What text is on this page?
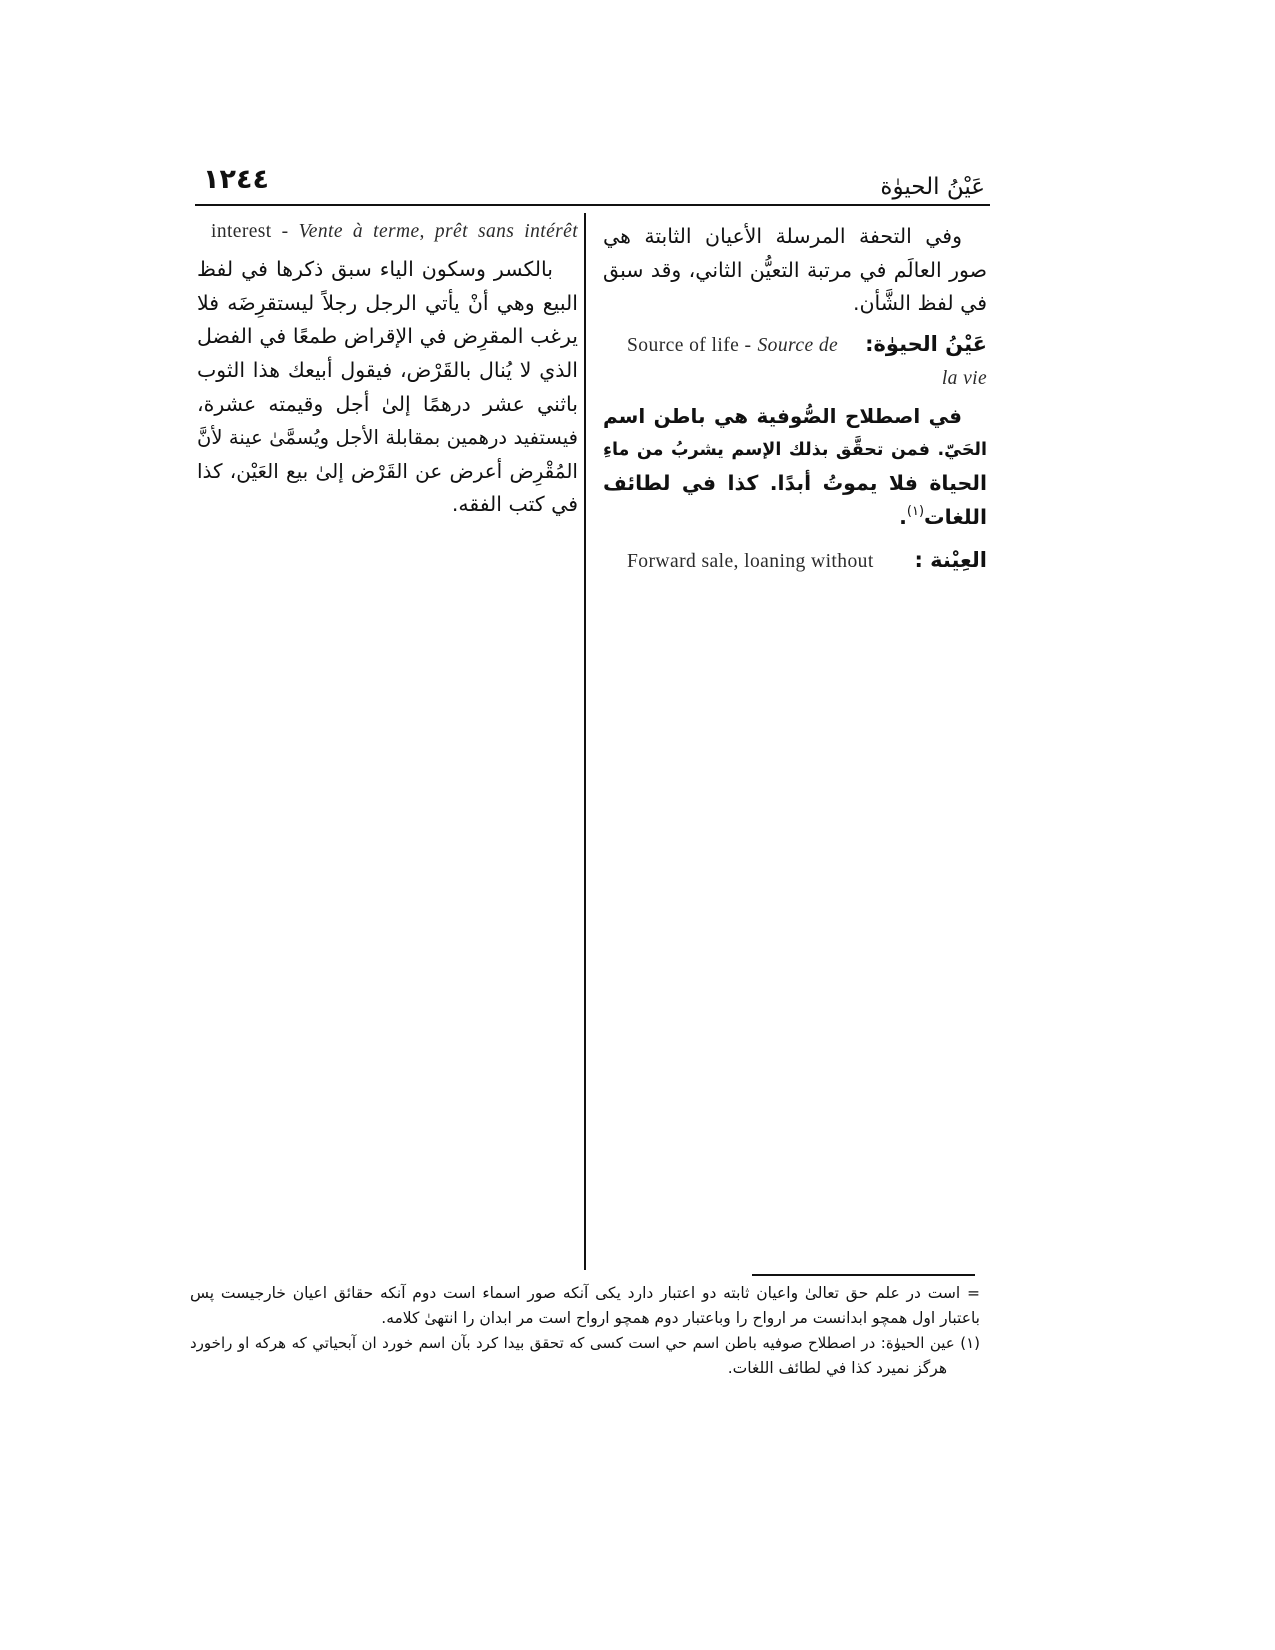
١٢٤٤	عَيْنُ الحيوٰة
وفي التحفة المرسلة الأعيان الثابتة هي
صور العالَم في مرتبة التعيُّن الثاني، وقد سبق
في لفظ الشَّأن.
عَيْنُ الحيوٰة:
Source of life - Source de
la vie
في اصطلاح الصُّوفية هي باطن اسم
الحَيّ. فمن تحقَّق بذلك الإسم يشربُ من ماءِ
الحياة فلا يموتُ أبدًا. كذا في لطائف
اللغات$^{(١)}$.
العِيْنة :
Forward sale, loaning without
interest - Vente à terme, prêt sans intérêt
بالكسر وسكون الياء سبق ذكرها في لفظ
البيع وهي أنْ يأتي الرجل رجلاً ليستقرِضَه فلا
يرغب المقرِض في الإقراض طمعًا في الفضل
الذي لا يُنال بالقَرْض، فيقول أبيعك هذا الثوب
باثني عشر درهمًا إلىٰ أجل وقيمته عشرة،
فيستفيد درهمين بمقابلة الأجل ويُسمَّىٰ عينة لأنَّ
المُقْرِض أعرض عن القَرْض إلىٰ بيع العَيْن، كذا
في كتب الفقه.
= است در علم حق تعالىٰ واعيان ثابته دو اعتبار دارد يكى آنكه صور اسماء است دوم آنكه حقائق اعيان خارجيست پس
باعتبار اول همچو ابدانست مر ارواح را وباعتبار دوم همچو ارواح است مر ابدان را انتهىٰ كلامه.
(١) عين الحيوٰة: در اصطلاح صوفيه باطن اسم حي است كسى كه تحقق بيدا كرد بآن اسم خورد ان آبحياتي كه هركه او راخورد
هرگز نميرد كذا في لطائف اللغات.
